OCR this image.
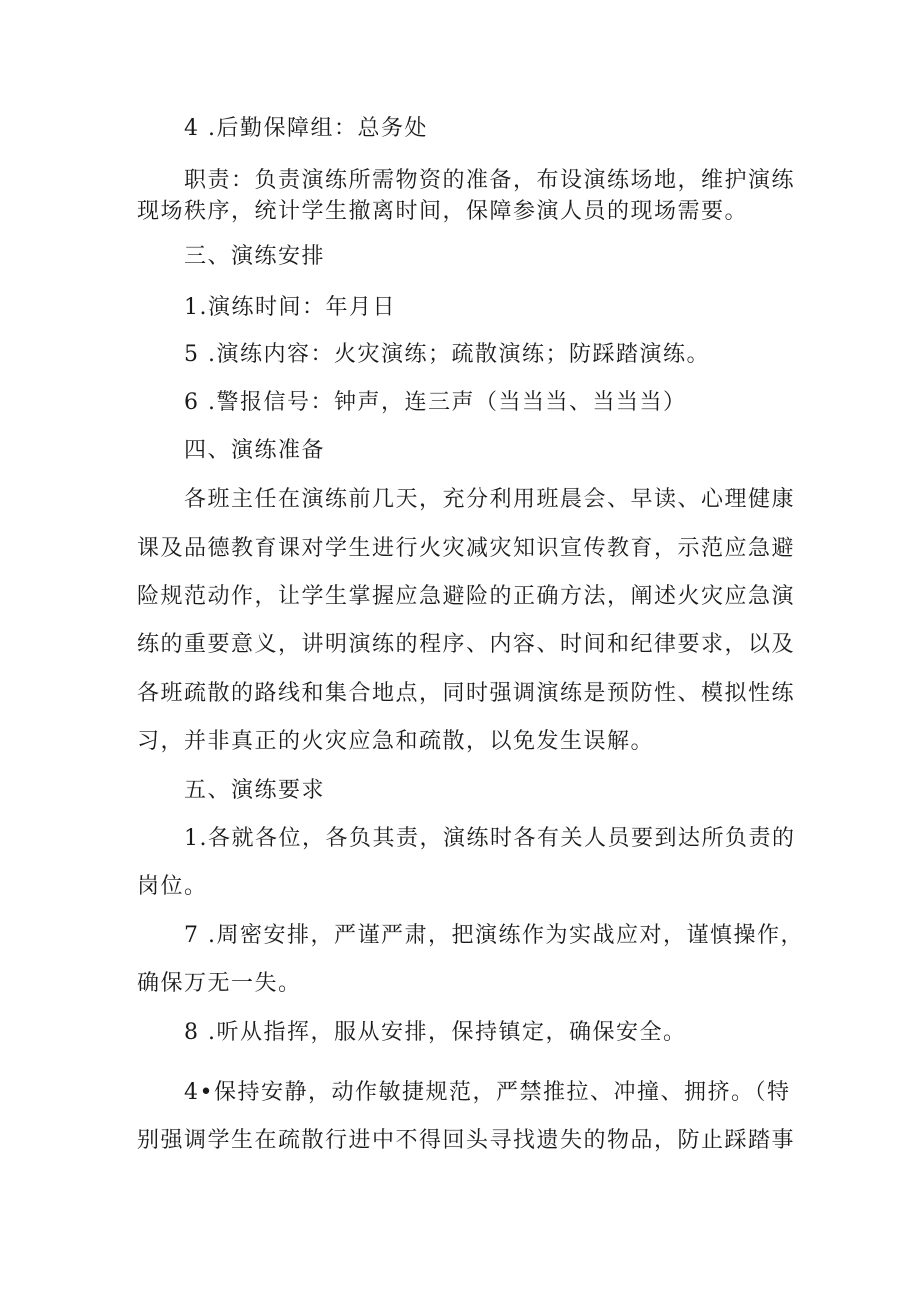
4 .后勤保障组：总务处
职责：负责演练所需物资的准备，布设演练场地，维护演练
现场秩序，统计学生撤离时间，保障参演人员的现场需要。
三、演练安排
1.演练时间：年月日
5 .演练内容：火灾演练；疏散演练；防踩踏演练。
6 .警报信号：钟声，连三声（当当当、当当当）
四、演练准备
各班主任在演练前几天，充分利用班晨会、早读、心理健康
课及品德教育课对学生进行火灾减灾知识宣传教育，示范应急避
险规范动作，让学生掌握应急避险的正确方法，阐述火灾应急演
练的重要意义，讲明演练的程序、内容、时间和纪律要求，以及
各班疏散的路线和集合地点，同时强调演练是预防性、模拟性练
习，并非真正的火灾应急和疏散，以免发生误解。
五、演练要求
1.各就各位，各负其责，演练时各有关人员要到达所负责的
岗位。
7 .周密安排，严谨严肃，把演练作为实战应对，谨慎操作，
确保万无一失。
8 .听从指挥，服从安排，保持镇定，确保安全。
4•保持安静，动作敏捷规范，严禁推拉、冲撞、拥挤。（特
别强调学生在疏散行进中不得回头寻找遗失的物品，防止踩踏事
